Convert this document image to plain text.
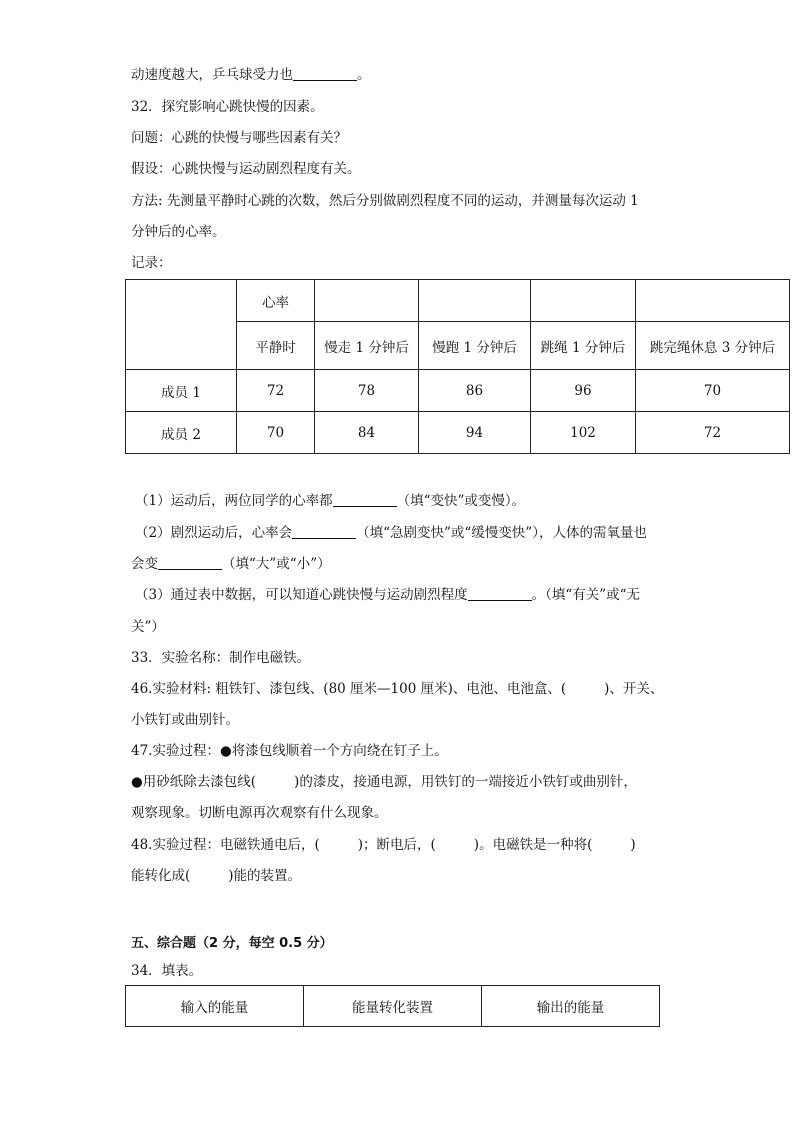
动速度越大，乒乓球受力也	。
32．探究影响心跳快慢的因素。
问题：心跳的快慢与哪些因素有关？
假设：心跳快慢与运动剧烈程度有关。
方法: 先测量平静时心跳的次数，然后分别做剧烈程度不同的运动，并测量每次运动 1
分钟后的心率。
记录：
	心率				
	平静时	慢走 1 分钟后	慢跑 1 分钟后	跳绳 1 分钟后	跳完绳休息 3 分钟后
成员 1	72	78	86	96	70
成员 2	70	84	94	102	72
（1）运动后，两位同学的心率都	（填“变快”或变慢）。
（2）剧烈运动后，心率会	（填“急剧变快”或“缓慢变快”），人体的需氧量也
会变	（填“大”或“小”）
（3）通过表中数据，可以知道心跳快慢与运动剧烈程度	。（填“有关”或“无
关”）
33．实验名称：制作电磁铁。
46.实验材料: 粗铁钉、漆包线、(80 厘米—100 厘米)、电池、电池盒、(	)、开关、
小铁钉或曲别针。
47.实验过程：●将漆包线顺着一个方向绕在钉子上。
●用砂纸除去漆包线(	)的漆皮，接通电源，用铁钉的一端接近小铁钉或曲别针，
观察现象。切断电源再次观察有什么现象。
48.实验过程：电磁铁通电后，(	)；断电后，(	)。电磁铁是一种将(	)
能转化成(	)能的装置。
五、综合题（2 分，每空 0.5 分）
34．填表。
输入的能量	能量转化装置	输出的能量
